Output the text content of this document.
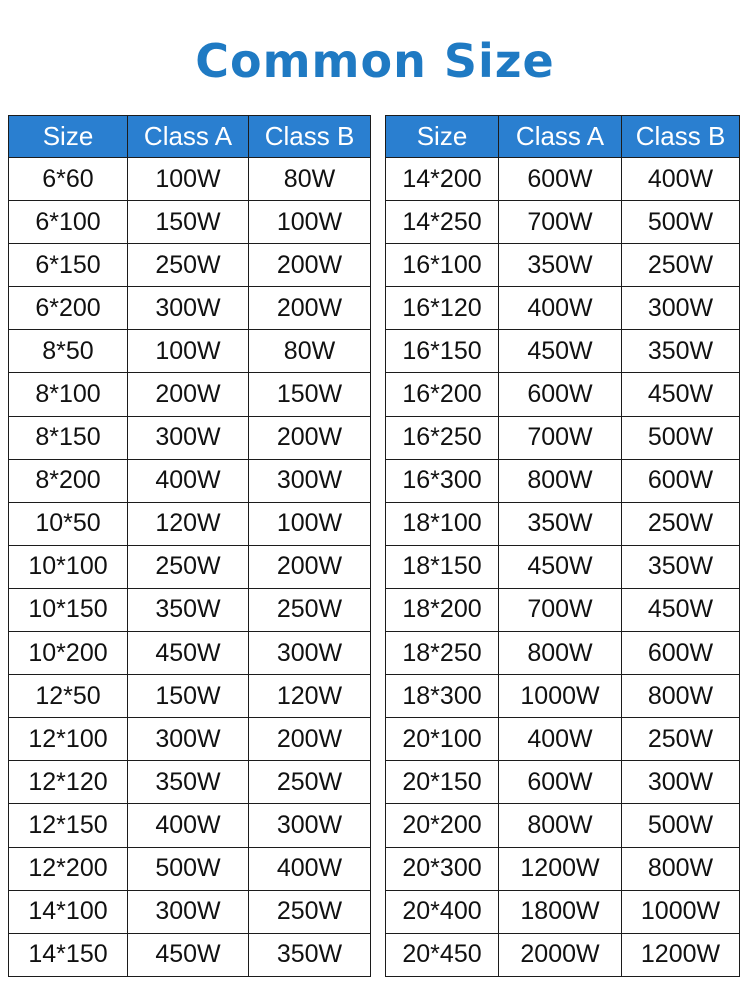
Common Size
Size	Class A	Class B
6*60	100W	80W
6*100	150W	100W
6*150	250W	200W
6*200	300W	200W
8*50	100W	80W
8*100	200W	150W
8*150	300W	200W
8*200	400W	300W
10*50	120W	100W
10*100	250W	200W
10*150	350W	250W
10*200	450W	300W
12*50	150W	120W
12*100	300W	200W
12*120	350W	250W
12*150	400W	300W
12*200	500W	400W
14*100	300W	250W
14*150	450W	350W
Size	Class A	Class B
14*200	600W	400W
14*250	700W	500W
16*100	350W	250W
16*120	400W	300W
16*150	450W	350W
16*200	600W	450W
16*250	700W	500W
16*300	800W	600W
18*100	350W	250W
18*150	450W	350W
18*200	700W	450W
18*250	800W	600W
18*300	1000W	800W
20*100	400W	250W
20*150	600W	300W
20*200	800W	500W
20*300	1200W	800W
20*400	1800W	1000W
20*450	2000W	1200W
